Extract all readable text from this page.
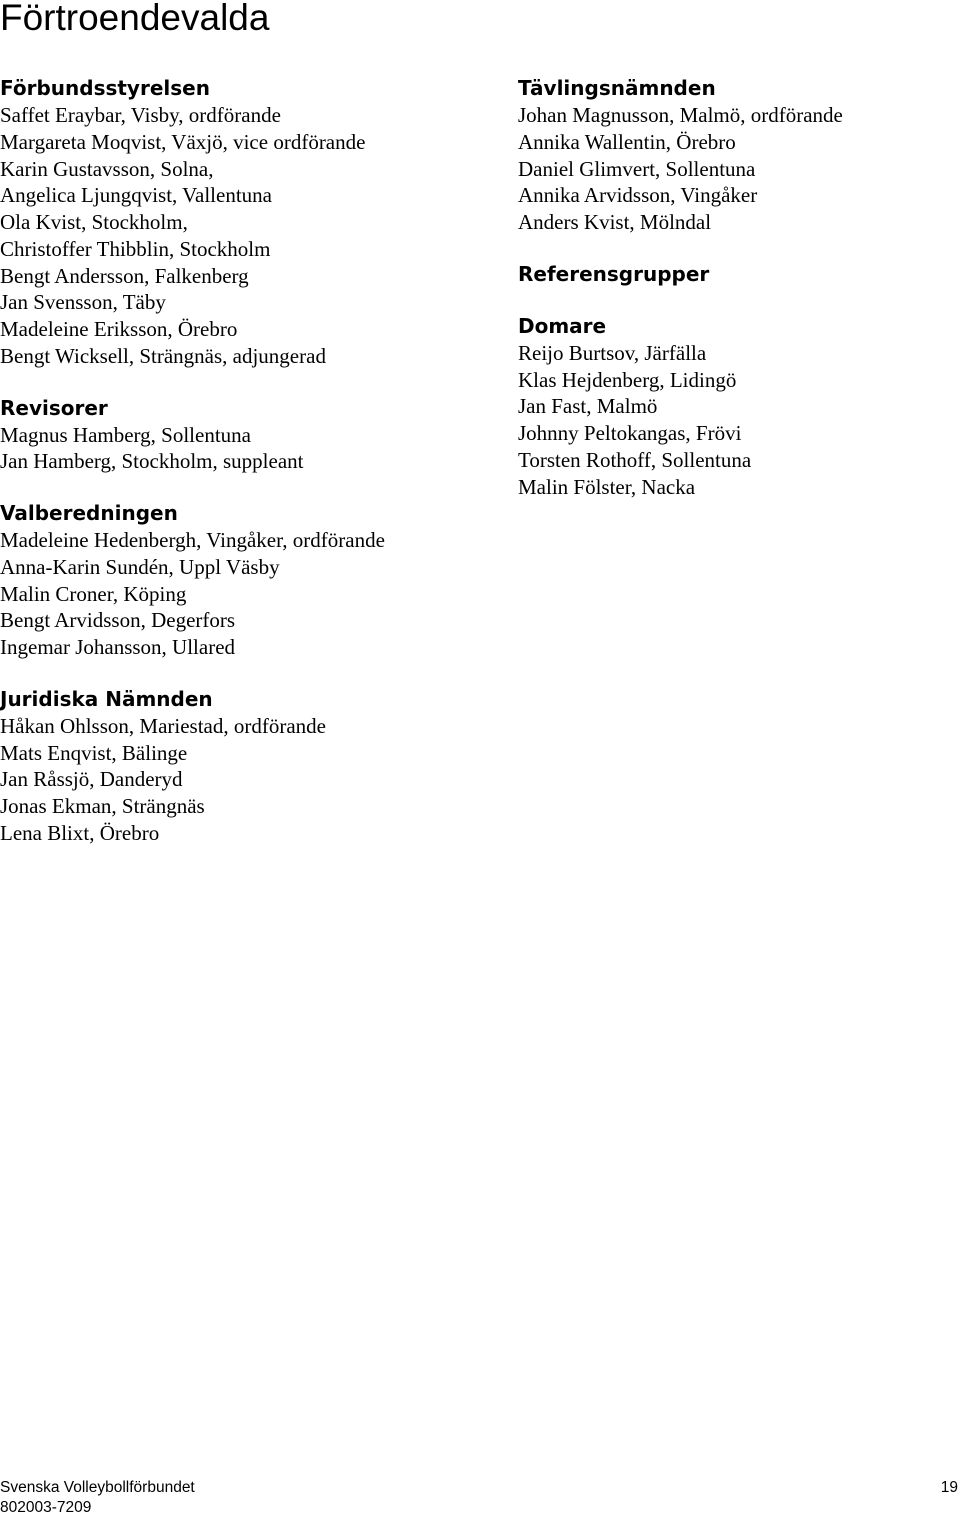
Förtroendevalda
Förbundsstyrelsen
Saffet Eraybar, Visby, ordförande
Margareta Moqvist, Växjö, vice ordförande
Karin Gustavsson, Solna,
Angelica Ljungqvist, Vallentuna
Ola Kvist, Stockholm,
Christoffer Thibblin, Stockholm
Bengt Andersson, Falkenberg
Jan Svensson, Täby
Madeleine Eriksson, Örebro
Bengt Wicksell, Strängnäs, adjungerad
Revisorer
Magnus Hamberg, Sollentuna
Jan Hamberg, Stockholm, suppleant
Valberedningen
Madeleine Hedenbergh, Vingåker, ordförande
Anna-Karin Sundén, Uppl Väsby
Malin Croner, Köping
Bengt Arvidsson, Degerfors
Ingemar Johansson, Ullared
Juridiska Nämnden
Håkan Ohlsson, Mariestad, ordförande
Mats Enqvist, Bälinge
Jan Råssjö, Danderyd
Jonas Ekman, Strängnäs
Lena Blixt, Örebro
Tävlingsnämnden
Johan Magnusson, Malmö, ordförande
Annika Wallentin, Örebro
Daniel Glimvert, Sollentuna
Annika Arvidsson, Vingåker
Anders Kvist, Mölndal
Referensgrupper
Domare
Reijo Burtsov, Järfälla
Klas Hejdenberg, Lidingö
Jan Fast, Malmö
Johnny Peltokangas, Frövi
Torsten Rothoff, Sollentuna
Malin Fölster, Nacka
Svenska Volleybollförbundet
802003-7209
19
